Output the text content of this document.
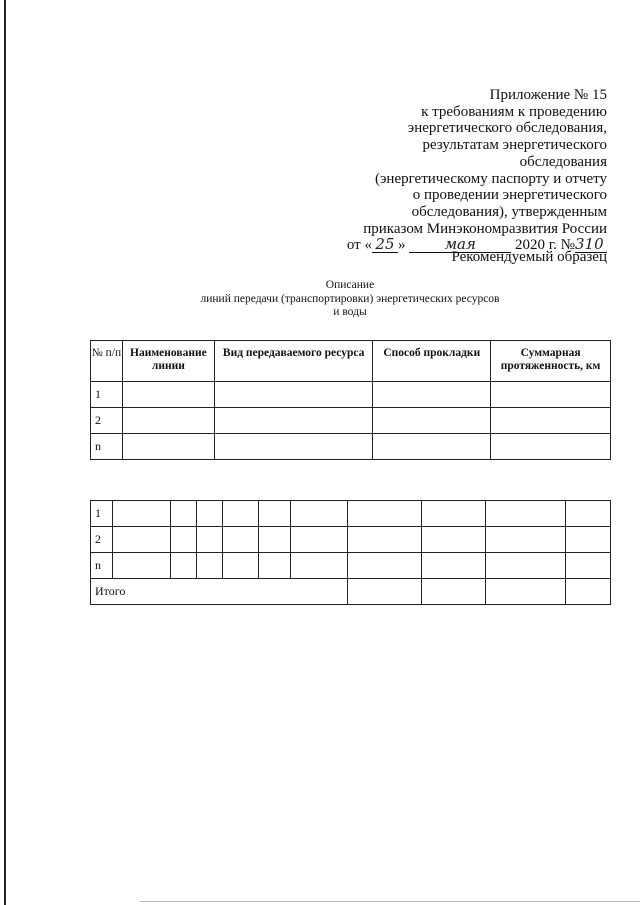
Приложение № 15
к требованиям к проведению
энергетического обследования,
результатам энергетического
обследования
(энергетическому паспорту и отчету
о проведении энергетического
обследования), утвержденным
приказом Минэкономразвития России
от « 25 »	мая	2020 г. №310
Рекомендуемый образец
Описание
линий передачи (транспортировки) энергетических ресурсов
и воды
№ п/п	Наименование линии	Вид передаваемого ресурса	Способ прокладки	Суммарная протяженность, км
1				
2				
n				
1										
2										
n										
Итого										
